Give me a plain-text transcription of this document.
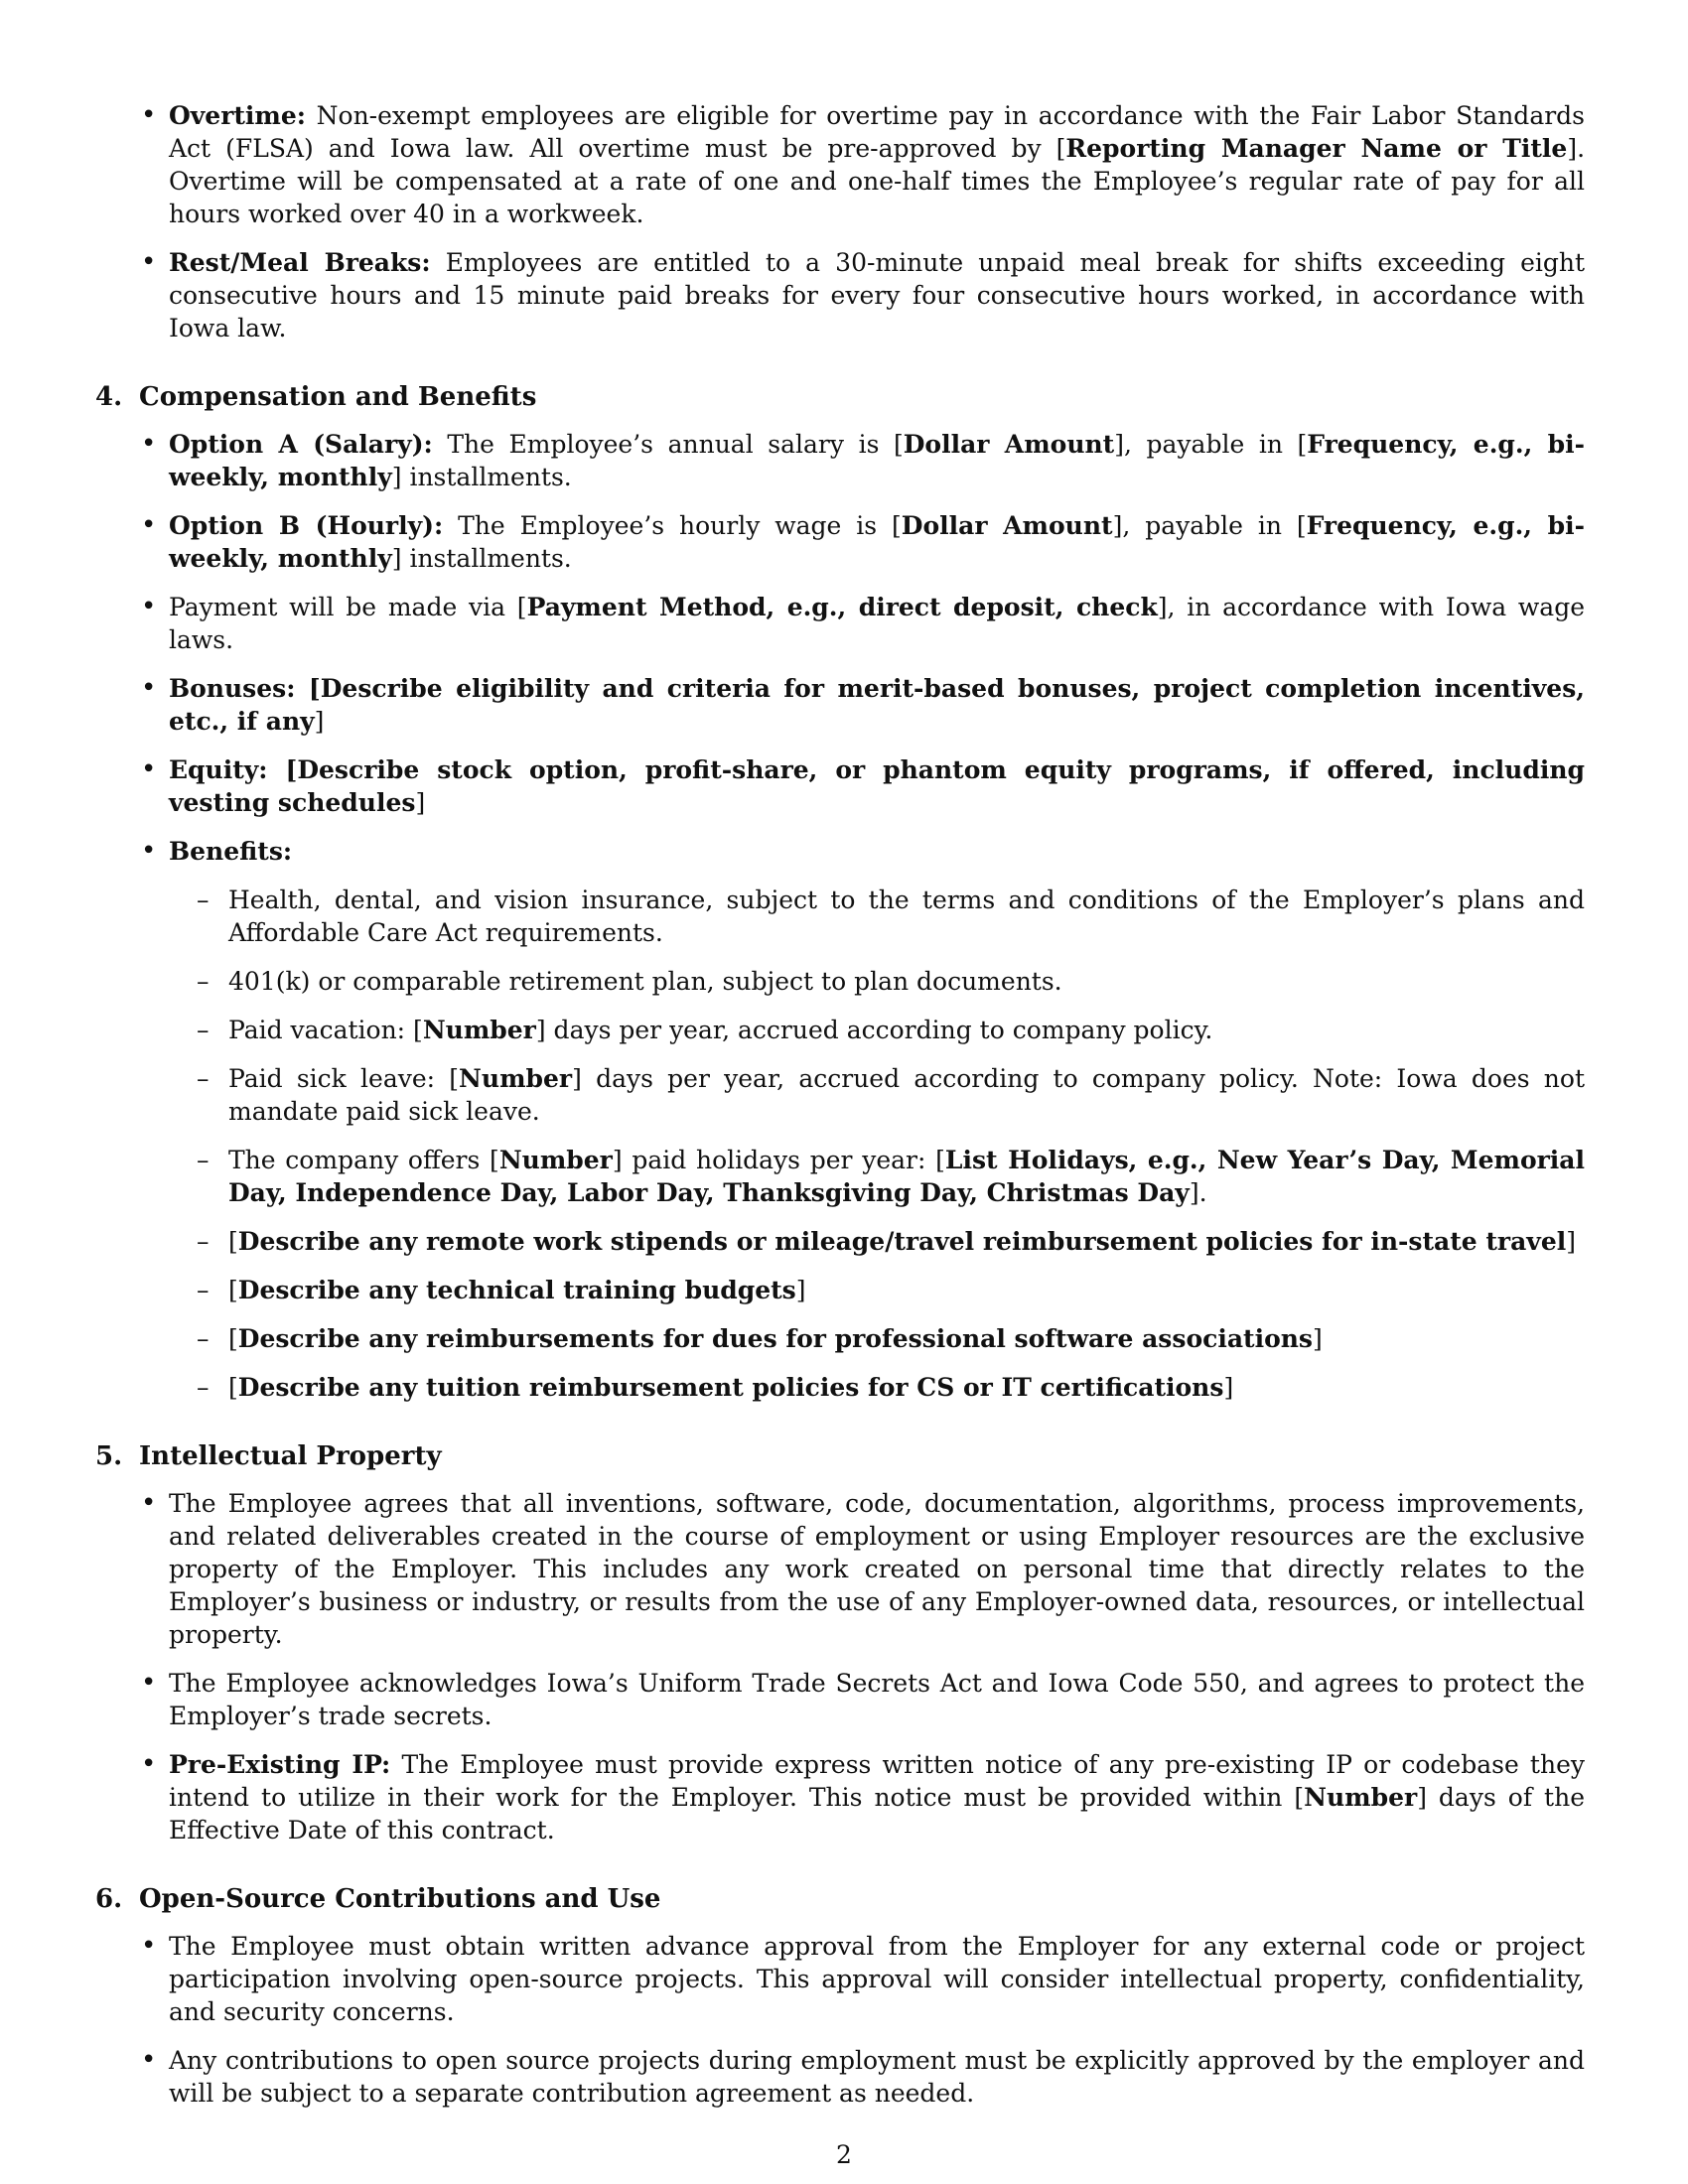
• Overtime: Non-exempt employees are eligible for overtime pay in accordance with the Fair Labor Standards Act (FLSA) and Iowa law. All overtime must be pre-approved by [Reporting Manager Name or Title]. Overtime will be compensated at a rate of one and one-half times the Employee’s regular rate of pay for all hours worked over 40 in a workweek.
• Rest/Meal Breaks: Employees are entitled to a 30-minute unpaid meal break for shifts exceeding eight consecutive hours and 15 minute paid breaks for every four consecutive hours worked, in accordance with Iowa law.
4. Compensation and Benefits
• Option A (Salary): The Employee’s annual salary is [Dollar Amount], payable in [Frequency, e.g., bi-weekly, monthly] installments.
• Option B (Hourly): The Employee’s hourly wage is [Dollar Amount], payable in [Frequency, e.g., bi-weekly, monthly] installments.
• Payment will be made via [Payment Method, e.g., direct deposit, check], in accordance with Iowa wage laws.
• Bonuses: [Describe eligibility and criteria for merit-based bonuses, project completion incentives, etc., if any]
• Equity: [Describe stock option, profit-share, or phantom equity programs, if offered, including vesting schedules]
• Benefits:
– Health, dental, and vision insurance, subject to the terms and conditions of the Employer’s plans and Affordable Care Act requirements.
– 401(k) or comparable retirement plan, subject to plan documents.
– Paid vacation: [Number] days per year, accrued according to company policy.
– Paid sick leave: [Number] days per year, accrued according to company policy. Note: Iowa does not mandate paid sick leave.
– The company offers [Number] paid holidays per year: [List Holidays, e.g., New Year’s Day, Memorial Day, Independence Day, Labor Day, Thanksgiving Day, Christmas Day].
– [Describe any remote work stipends or mileage/travel reimbursement policies for in-state travel]
– [Describe any technical training budgets]
– [Describe any reimbursements for dues for professional software associations]
– [Describe any tuition reimbursement policies for CS or IT certifications]
5. Intellectual Property
• The Employee agrees that all inventions, software, code, documentation, algorithms, process improvements, and related deliverables created in the course of employment or using Employer resources are the exclusive property of the Employer. This includes any work created on personal time that directly relates to the Employer’s business or industry, or results from the use of any Employer-owned data, resources, or intellectual property.
• The Employee acknowledges Iowa’s Uniform Trade Secrets Act and Iowa Code 550, and agrees to protect the Employer’s trade secrets.
• Pre-Existing IP: The Employee must provide express written notice of any pre-existing IP or codebase they intend to utilize in their work for the Employer. This notice must be provided within [Number] days of the Effective Date of this contract.
6. Open-Source Contributions and Use
• The Employee must obtain written advance approval from the Employer for any external code or project participation involving open-source projects. This approval will consider intellectual property, confidentiality, and security concerns.
• Any contributions to open source projects during employment must be explicitly approved by the employer and will be subject to a separate contribution agreement as needed.
2
